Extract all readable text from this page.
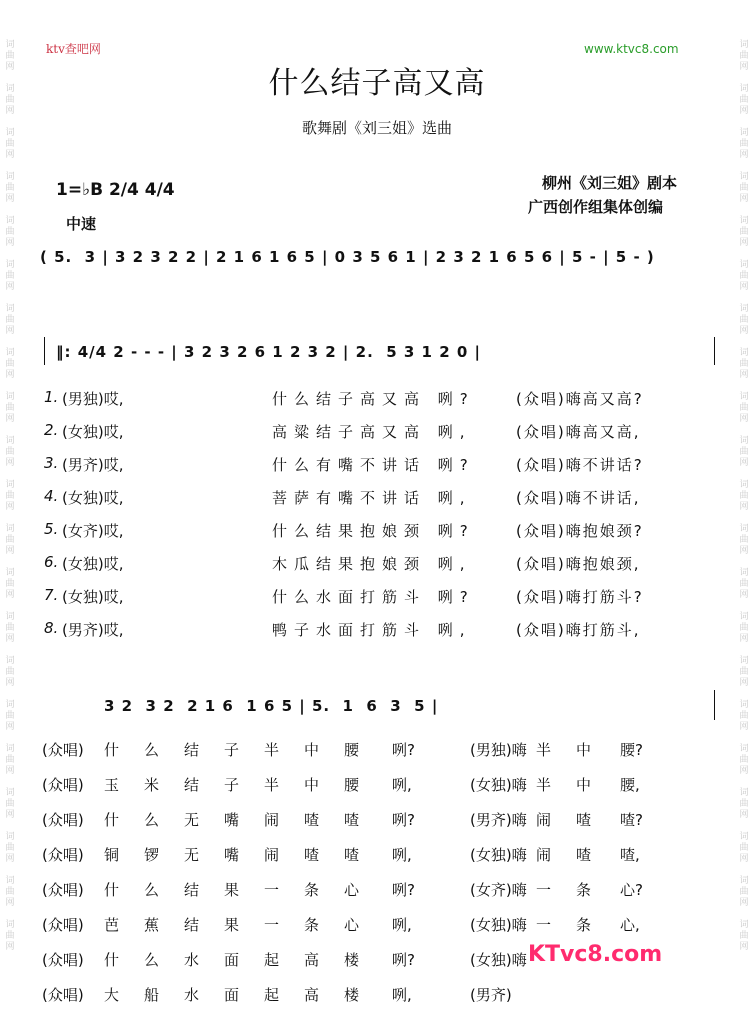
词
曲
网

词
曲
网

词
曲
网

词
曲
网

词
曲
网

词
曲
网

词
曲
网

词
曲
网

词
曲
网

词
曲
网

词
曲
网

词
曲
网

词
曲
网

词
曲
网

词
曲
网

词
曲
网

词
曲
网

词
曲
网

词
曲
网

词
曲
网

词
曲
网
词
曲
网

词
曲
网

词
曲
网

词
曲
网

词
曲
网

词
曲
网

词
曲
网

词
曲
网

词
曲
网

词
曲
网

词
曲
网

词
曲
网

词
曲
网

词
曲
网

词
曲
网

词
曲
网

词
曲
网

词
曲
网

词
曲
网

词
曲
网

词
曲
网
ktv查吧网	www.ktvc8.com
什么结子高又高
歌舞剧《刘三姐》选曲
1=♭B 2/4 4/4
中速
柳州《刘三姐》剧本
广西创作组集体创编
( 5.  3 | 3 2 3 2 2 | 2 1 6 1 6 5 | 0 3 5 6 1 | 2 3 2 1 6 5 6 | 5 - | 5 - )
‖: 4/4 2 - - - | 3 2 3 2 6 1 2 3 2 | 2.  5 3 1 2 0 |
3 2  3 2  2 1 6  1 6 5 | 5.  1  6  3  5 |
1. (男独)哎,	什么结子高又高 咧?	(众唱)嗨高又高?
2. (女独)哎,	高粱结子高又高 咧,	(众唱)嗨高又高,
3. (男齐)哎,	什么有嘴不讲话 咧?	(众唱)嗨不讲话?
4. (女独)哎,	菩萨有嘴不讲话 咧,	(众唱)嗨不讲话,
5. (女齐)哎,	什么结果抱娘颈 咧?	(众唱)嗨抱娘颈?
6. (女独)哎,	木瓜结果抱娘颈 咧,	(众唱)嗨抱娘颈,
7. (女独)哎,	什么水面打筋斗 咧?	(众唱)嗨打筋斗?
8. (男齐)哎,	鸭子水面打筋斗 咧,	(众唱)嗨打筋斗,
(众唱) 什 么 结 子 半 中 腰 咧?	(男独)嗨 半 中 腰?
(众唱) 玉 米 结 子 半 中 腰 咧,	(女独)嗨 半 中 腰,
(众唱) 什 么 无 嘴 闹 喳 喳 咧?	(男齐)嗨 闹 喳 喳?
(众唱) 铜 锣 无 嘴 闹 喳 喳 咧,	(女独)嗨 闹 喳 喳,
(众唱) 什 么 结 果 一 条 心 咧?	(女齐)嗨 一 条 心?
(众唱) 芭 蕉 结 果 一 条 心 咧,	(女独)嗨 一 条 心,
(众唱) 什 么 水 面 起 高 楼 咧?	(女独)嗨
(众唱) 大 船 水 面 起 高 楼 咧,	(男齐)
KTvc8.com
